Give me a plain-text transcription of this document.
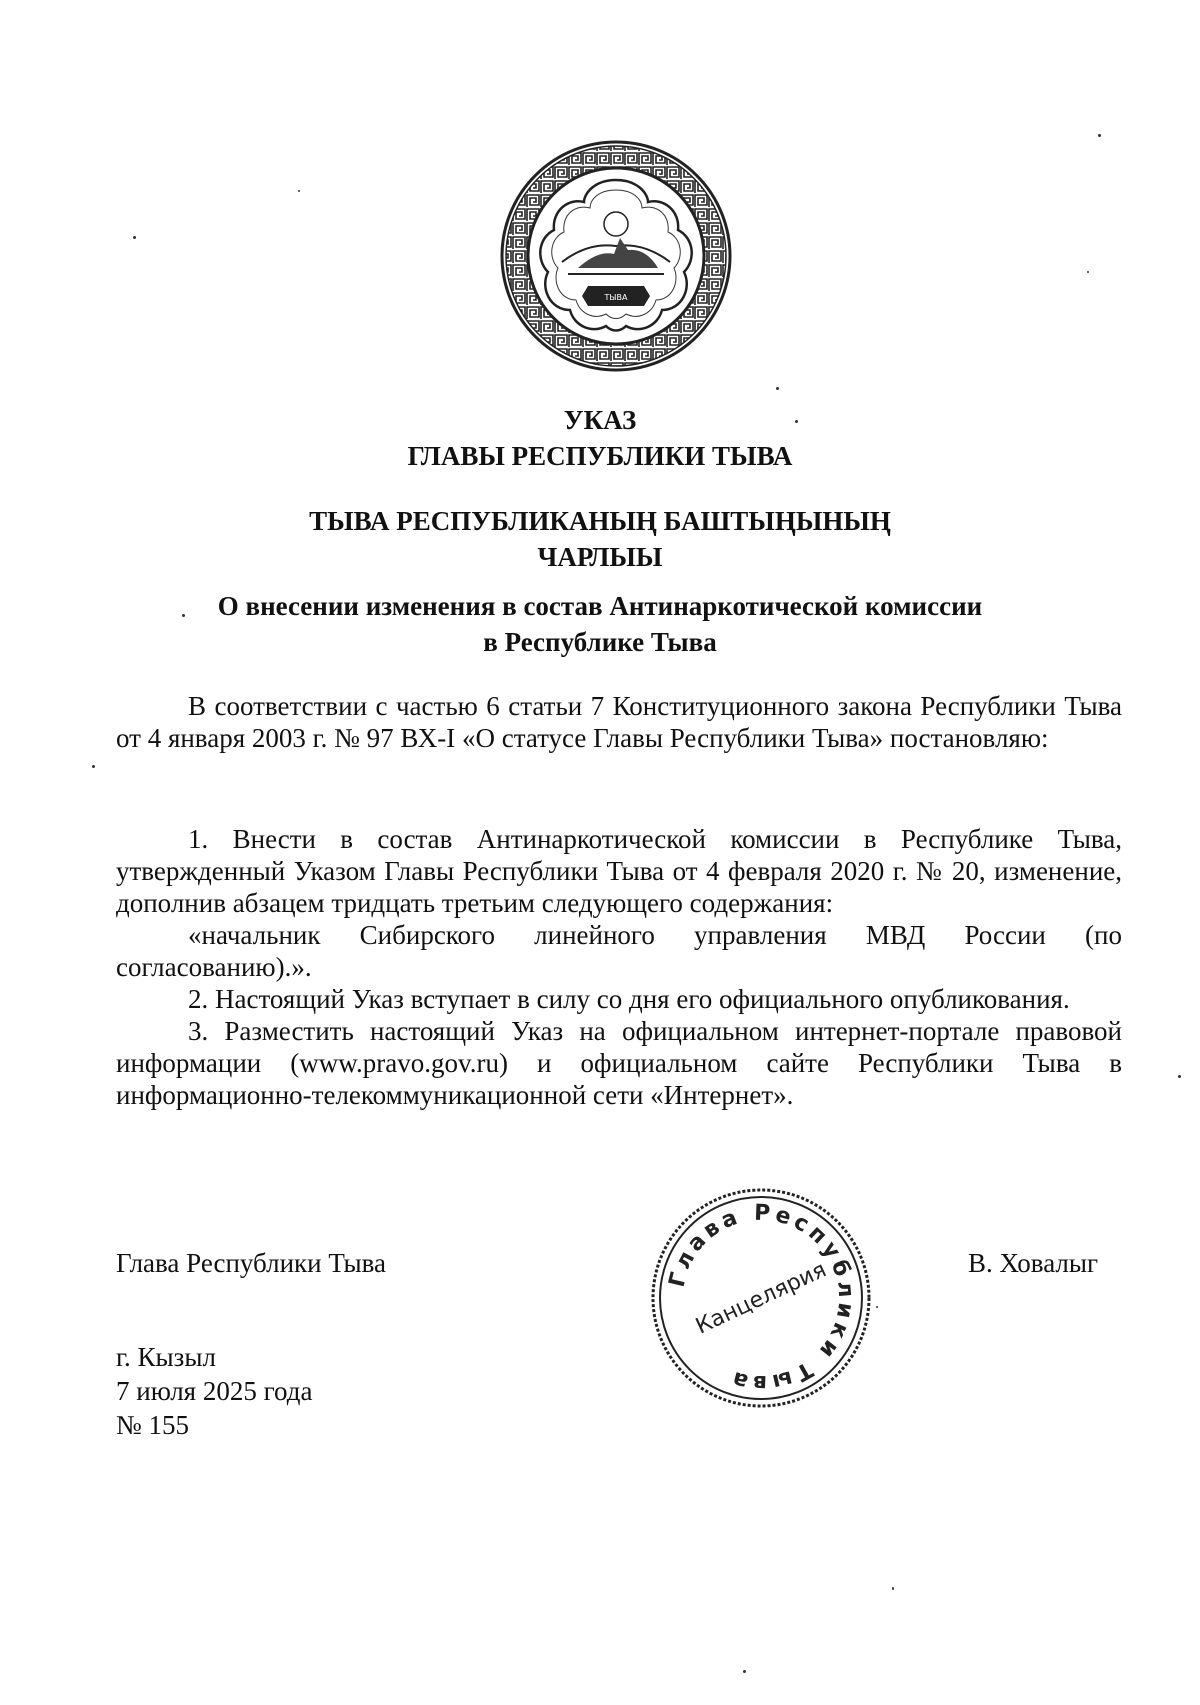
ТЫВА
УКАЗ
ГЛАВЫ РЕСПУБЛИКИ ТЫВА
ТЫВА РЕСПУБЛИКАНЫҢ БАШТЫҢЫНЫҢ
ЧАРЛЫЫ
О внесении изменения в состав Антинаркотической комиссии
в Республике Тыва

В соответствии с частью 6 статьи 7 Конституционного закона Республики Тыва от 4 января 2003 г. № 97 ВХ-I «О статусе Главы Республики Тыва» постановляю:

1. Внести в состав Антинаркотической комиссии в Республике Тыва, утвержденный Указом Главы Республики Тыва от 4 февраля 2020 г. № 20, изменение, дополнив абзацем тридцать третьим следующего содержания:

«начальник Сибирского линейного управления МВД России (по согласованию).».

2. Настоящий Указ вступает в силу со дня его официального опубликования.

3. Разместить настоящий Указ на официальном интернет-портале правовой информации (www.pravo.gov.ru) и официальном сайте Республики Тыва в информационно-телекоммуникационной сети «Интернет».

Глава Республики Тыва	В. Ховалыг
Глава Республики Тыва
Канцелярия
г. Кызыл
7 июля 2025 года
№ 155
